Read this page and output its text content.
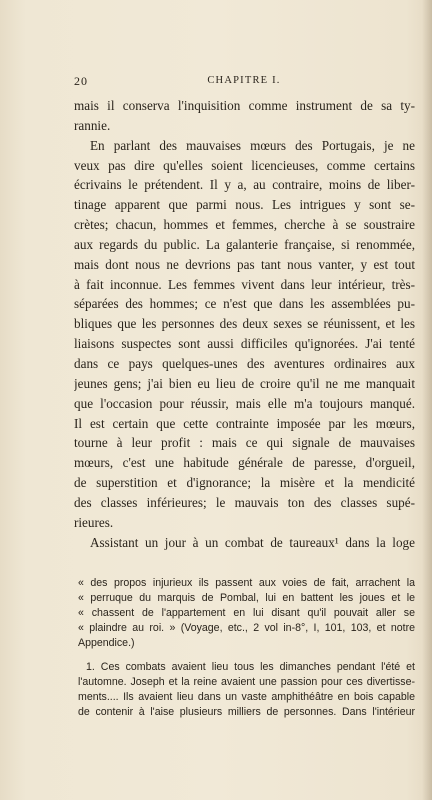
20	CHAPITRE I.
mais il conserva l'inquisition comme instrument de sa ty-
rannie.
En parlant des mauvaises mœurs des Portugais, je ne
veux pas dire qu'elles soient licencieuses, comme certains
écrivains le prétendent. Il y a, au contraire, moins de liber-
tinage apparent que parmi nous. Les intrigues y sont se-
crètes; chacun, hommes et femmes, cherche à se soustraire
aux regards du public. La galanterie française, si renommée,
mais dont nous ne devrions pas tant nous vanter, y est tout
à fait inconnue. Les femmes vivent dans leur intérieur, très-
séparées des hommes; ce n'est que dans les assemblées pu-
bliques que les personnes des deux sexes se réunissent, et les
liaisons suspectes sont aussi difficiles qu'ignorées. J'ai tenté
dans ce pays quelques-unes des aventures ordinaires aux
jeunes gens; j'ai bien eu lieu de croire qu'il ne me manquait
que l'occasion pour réussir, mais elle m'a toujours manqué.
Il est certain que cette contrainte imposée par les mœurs,
tourne à leur profit : mais ce qui signale de mauvaises
mœurs, c'est une habitude générale de paresse, d'orgueil,
de superstition et d'ignorance; la misère et la mendicité
des classes inférieures; le mauvais ton des classes supé-
rieures.
Assistant un jour à un combat de taureaux¹ dans la loge
« des propos injurieux ils passent aux voies de fait, arrachent la
« perruque du marquis de Pombal, lui en battent les joues et le
« chassent de l'appartement en lui disant qu'il pouvait aller se
« plaindre au roi. » (Voyage, etc., 2 vol in-8°, I, 101, 103, et notre
Appendice.)
1. Ces combats avaient lieu tous les dimanches pendant l'été et
l'automne. Joseph et la reine avaient une passion pour ces divertisse-
ments.... Ils avaient lieu dans un vaste amphithéâtre en bois capable
de contenir à l'aise plusieurs milliers de personnes. Dans l'intérieur
